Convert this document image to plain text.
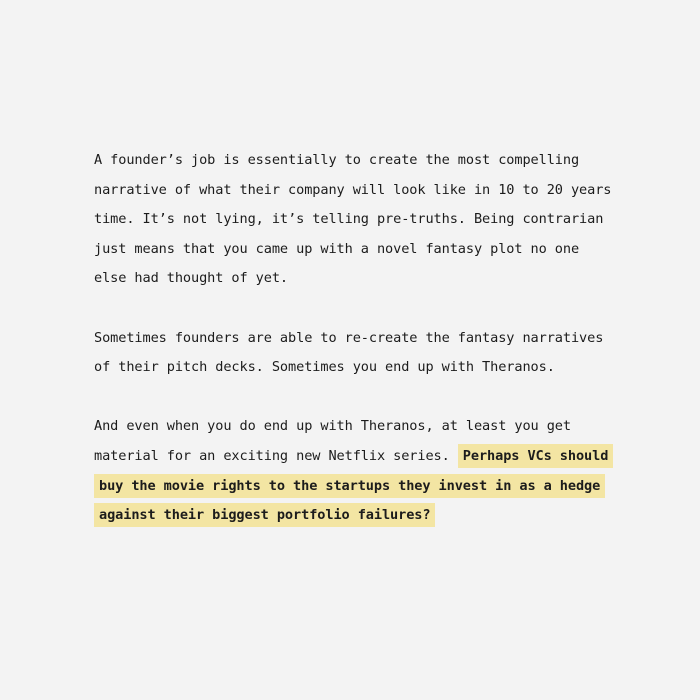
A founder’s job is essentially to create the most compelling narrative of what their company will look like in 10 to 20 years time. It’s not lying, it’s telling pre-truths. Being contrarian just means that you came up with a novel fantasy plot no one else had thought of yet.

Sometimes founders are able to re-create the fantasy narratives of their pitch decks. Sometimes you end up with Theranos.

And even when you do end up with Theranos, at least you get material for an exciting new Netflix series. Perhaps VCs should buy the movie rights to the startups they invest in as a hedge against their biggest portfolio failures?
